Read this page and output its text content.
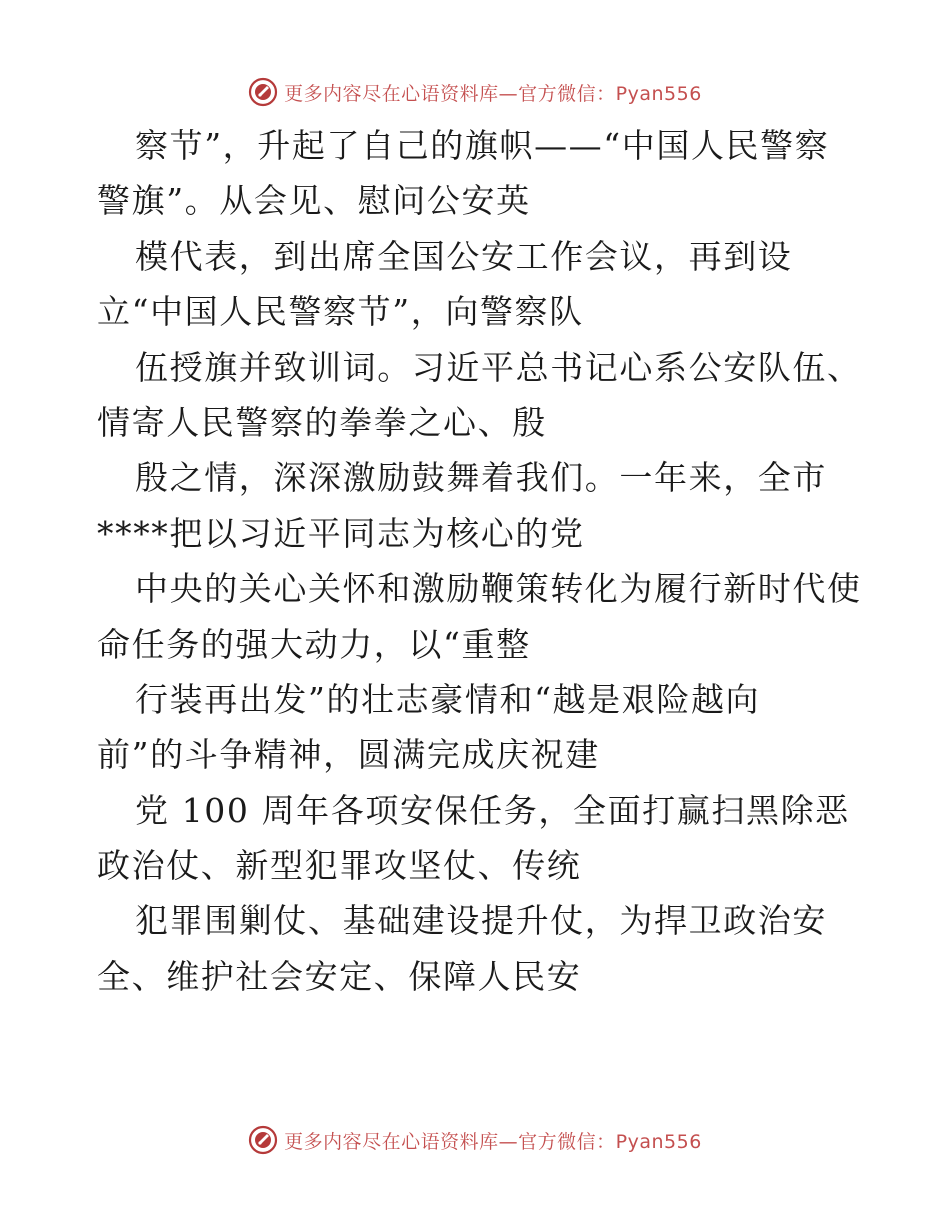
更多内容尽在心语资料库—官方微信：Pyan556
察节”，升起了自己的旗帜——“中国人民警察
警旗”。从会见、慰问公安英
模代表，到出席全国公安工作会议，再到设
立“中国人民警察节”，向警察队
伍授旗并致训词。习近平总书记心系公安队伍、
情寄人民警察的拳拳之心、殷
殷之情，深深激励鼓舞着我们。一年来，全市
****把以习近平同志为核心的党
中央的关心关怀和激励鞭策转化为履行新时代使
命任务的强大动力，以“重整
行装再出发”的壮志豪情和“越是艰险越向
前”的斗争精神，圆满完成庆祝建
党 100 周年各项安保任务，全面打赢扫黑除恶
政治仗、新型犯罪攻坚仗、传统
犯罪围剿仗、基础建设提升仗，为捍卫政治安
全、维护社会安定、保障人民安
更多内容尽在心语资料库—官方微信：Pyan556
